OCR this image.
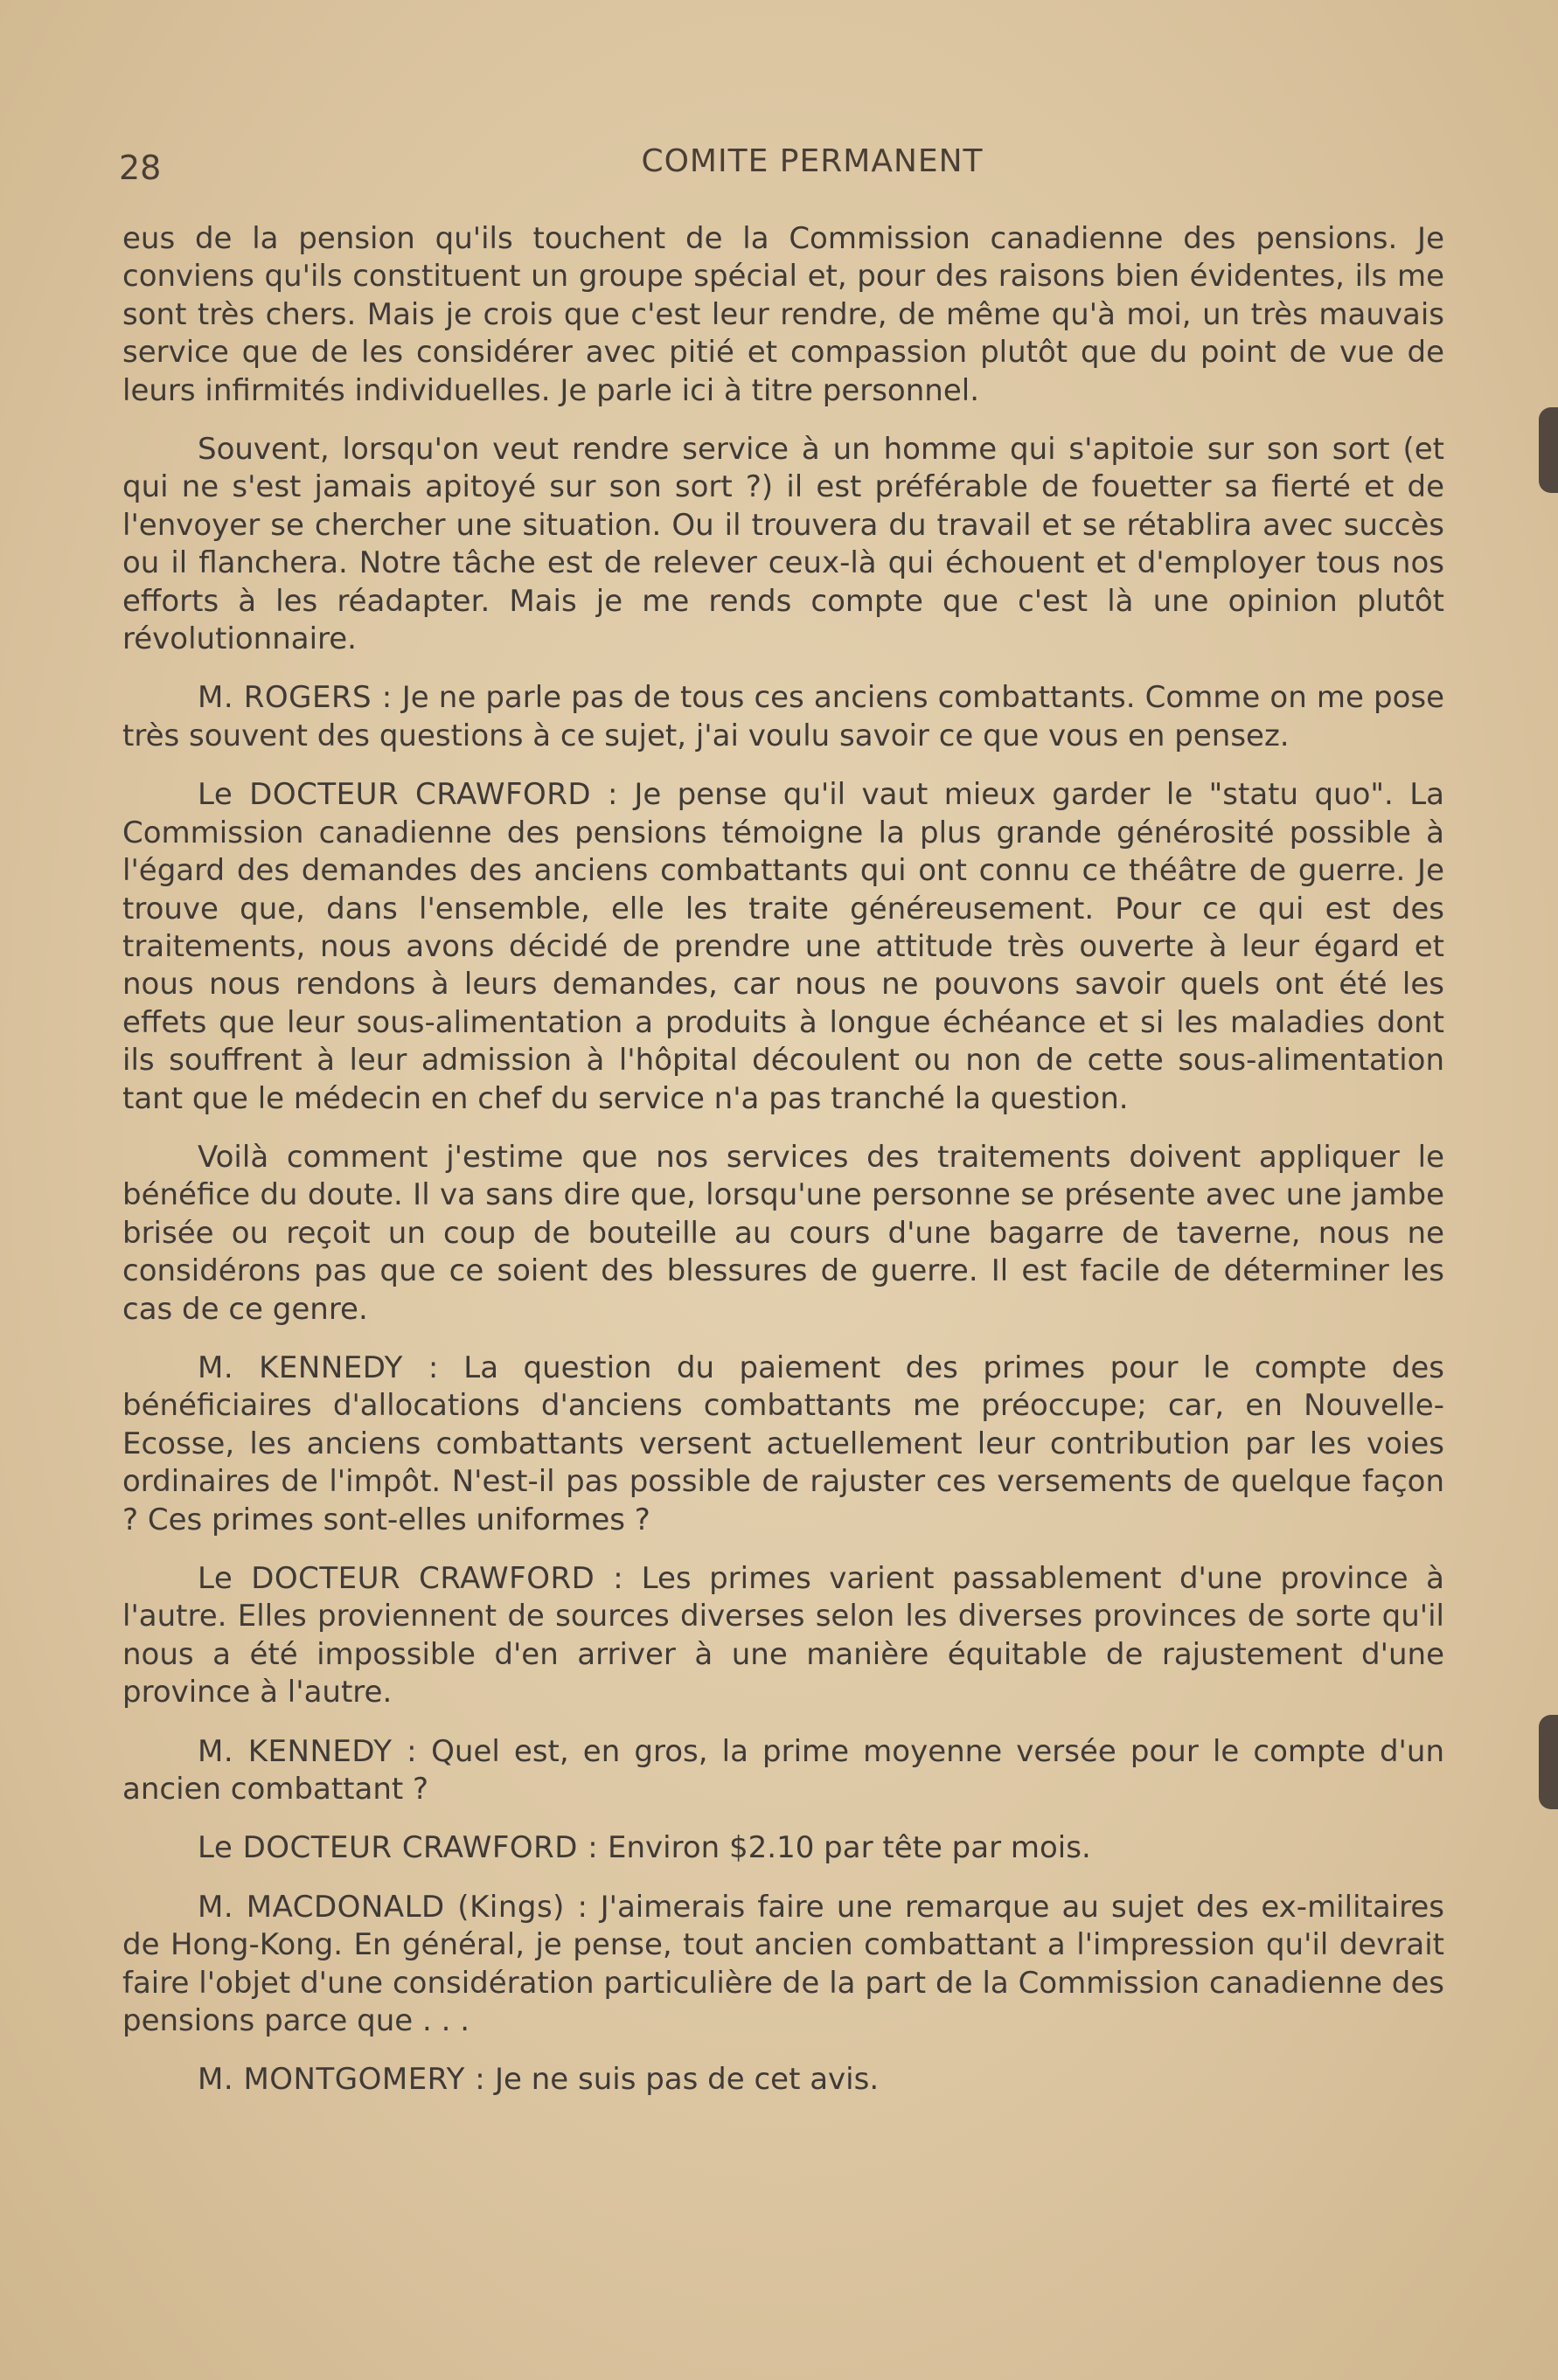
28	COMITE PERMANENT

eus de la pension qu'ils touchent de la Commission canadienne des pensions. Je conviens qu'ils constituent un groupe spécial et, pour des raisons bien évidentes, ils me sont très chers. Mais je crois que c'est leur rendre, de même qu'à moi, un très mauvais service que de les considérer avec pitié et compassion plutôt que du point de vue de leurs infirmités individuelles. Je parle ici à titre personnel.

Souvent, lorsqu'on veut rendre service à un homme qui s'apitoie sur son sort (et qui ne s'est jamais apitoyé sur son sort ?) il est préférable de fouetter sa fierté et de l'envoyer se chercher une situation. Ou il trouvera du travail et se rétablira avec succès ou il flanchera. Notre tâche est de relever ceux-là qui échouent et d'employer tous nos efforts à les réadapter. Mais je me rends compte que c'est là une opinion plutôt révolutionnaire.

M. ROGERS : Je ne parle pas de tous ces anciens combattants. Comme on me pose très souvent des questions à ce sujet, j'ai voulu savoir ce que vous en pensez.

Le DOCTEUR CRAWFORD : Je pense qu'il vaut mieux garder le "statu quo". La Commission canadienne des pensions témoigne la plus grande générosité possible à l'égard des demandes des anciens combattants qui ont connu ce théâtre de guerre. Je trouve que, dans l'ensemble, elle les traite généreusement. Pour ce qui est des traitements, nous avons décidé de prendre une attitude très ouverte à leur égard et nous nous rendons à leurs demandes, car nous ne pouvons savoir quels ont été les effets que leur sous-alimentation a produits à longue échéance et si les maladies dont ils souffrent à leur admission à l'hôpital découlent ou non de cette sous-alimentation tant que le médecin en chef du service n'a pas tranché la question.

Voilà comment j'estime que nos services des traitements doivent appliquer le bénéfice du doute. Il va sans dire que, lorsqu'une personne se présente avec une jambe brisée ou reçoit un coup de bouteille au cours d'une bagarre de taverne, nous ne considérons pas que ce soient des blessures de guerre. Il est facile de déterminer les cas de ce genre.

M. KENNEDY : La question du paiement des primes pour le compte des bénéficiaires d'allocations d'anciens combattants me préoccupe; car, en Nouvelle-Ecosse, les anciens combattants versent actuellement leur contribution par les voies ordinaires de l'impôt. N'est-il pas possible de rajuster ces versements de quelque façon ? Ces primes sont-elles uniformes ?

Le DOCTEUR CRAWFORD : Les primes varient passablement d'une province à l'autre. Elles proviennent de sources diverses selon les diverses provinces de sorte qu'il nous a été impossible d'en arriver à une manière équitable de rajustement d'une province à l'autre.

M. KENNEDY : Quel est, en gros, la prime moyenne versée pour le compte d'un ancien combattant ?

Le DOCTEUR CRAWFORD : Environ $2.10 par tête par mois.

M. MACDONALD (Kings) : J'aimerais faire une remarque au sujet des ex-militaires de Hong-Kong. En général, je pense, tout ancien combattant a l'impression qu'il devrait faire l'objet d'une considération particulière de la part de la Commission canadienne des pensions parce que . . .

M. MONTGOMERY : Je ne suis pas de cet avis.
